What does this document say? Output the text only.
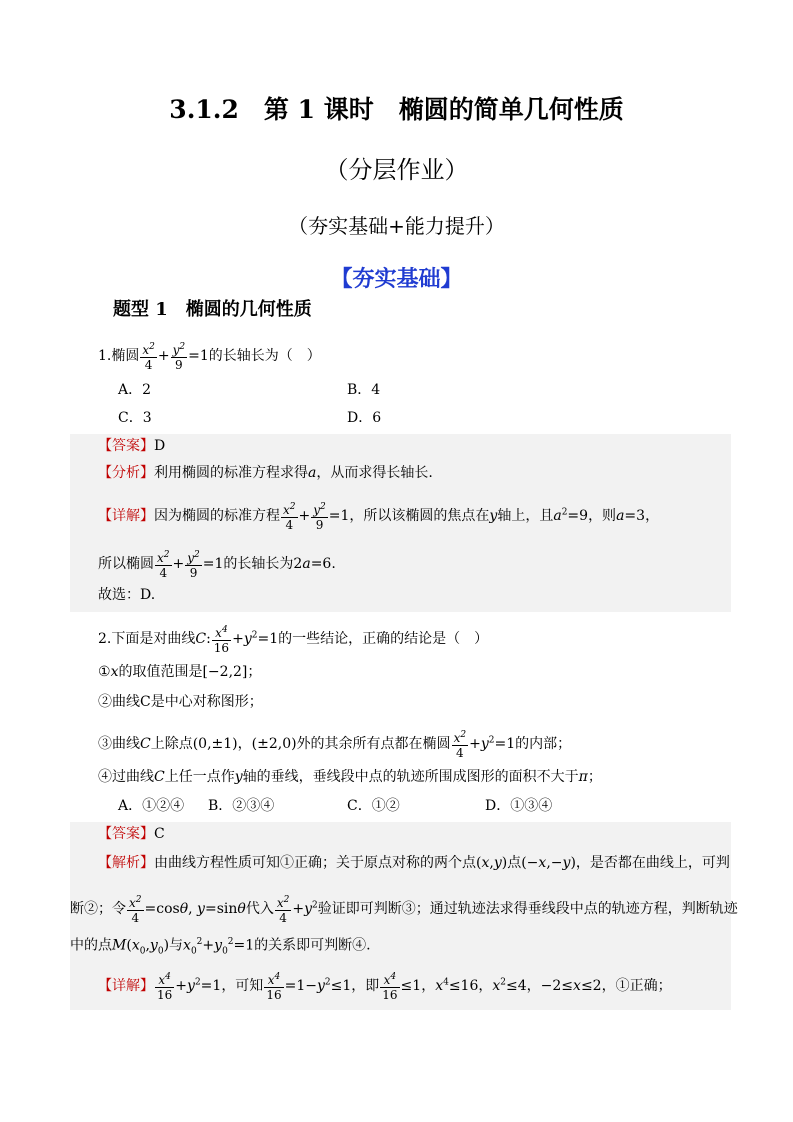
3.1.2　第 1 课时　椭圆的简单几何性质
（分层作业）
（夯实基础+能力提升）
【夯实基础】
题型 1　椭圆的几何性质
1.椭圆 $\frac{x^2}{4} + \frac{y^2}{9} =1$的长轴长为（　）
A．2	B．4
C．3	D．6
【答案】D
【分析】利用椭圆的标准方程求得a，从而求得长轴长.
【详解】因为椭圆的标准方程 $\frac{x^2}{4} + \frac{y^2}{9} =1$，所以该椭圆的焦点在y轴上，且$a^2=9$，则a=3，
所以椭圆 $\frac{x^2}{4} + \frac{y^2}{9} =1$的长轴长为2a=6.
故选：D.
2.下面是对曲线C: $\frac{x^4}{16} +y^2=1$的一些结论，正确的结论是（　）
①x的取值范围是[−2,2]；
②曲线C是中心对称图形；
③曲线C上除点(0,±1)，(±2,0)外的其余所有点都在椭圆 $\frac{x^2}{4} +y^2=1$的内部；
④过曲线C上任一点作y轴的垂线，垂线段中点的轨迹所围成图形的面积不大于π；
A．①②④ B．②③④	C．①②	D．①③④
【答案】C
【解析】由曲线方程性质可知①正确；关于原点对称的两个点(x,y)点(−x,−y)，是否都在曲线上，可判
断②；令 $\frac{x^2}{4} =\cos\theta$, y=sinθ代入 $\frac{x^2}{4} +y^2$验证即可判断③；通过轨迹法求得垂线段中点的轨迹方程，判断轨迹
中的点$M(x_0,y_0)$与$x_0^2+y_0^2=1$的关系即可判断④.
【详解】 $\frac{x^4}{16} +y^2=1$，可知 $\frac{x^4}{16} =1-y^2\le 1$，即 $\frac{x^4}{16} \le 1$，$x^4\le 16$，$x^2\le 4$，−2≤x≤2，①正确；
